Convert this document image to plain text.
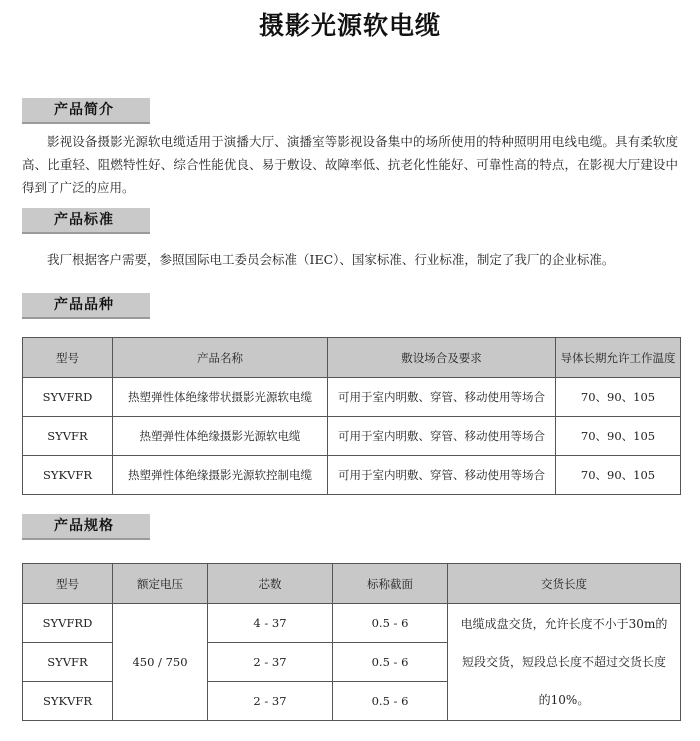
摄影光源软电缆
产品简介
影视设备摄影光源软电缆适用于演播大厅、演播室等影视设备集中的场所使用的特种照明用电线电缆。具有柔软度高、比重轻、阻燃特性好、综合性能优良、易于敷设、故障率低、抗老化性能好、可靠性高的特点，在影视大厅建设中得到了广泛的应用。
产品标准
我厂根据客户需要，参照国际电工委员会标准（IEC）、国家标准、行业标准，制定了我厂的企业标准。
产品品种
型号	产品名称	敷设场合及要求	导体长期允许工作温度
SYVFRD	热塑弹性体绝缘带状摄影光源软电缆	可用于室内明敷、穿管、移动使用等场合	70、90、105
SYVFR	热塑弹性体绝缘摄影光源软电缆	可用于室内明敷、穿管、移动使用等场合	70、90、105
SYKVFR	热塑弹性体绝缘摄影光源软控制电缆	可用于室内明敷、穿管、移动使用等场合	70、90、105
产品规格
型号	额定电压	芯数	标称截面	交货长度
SYVFRD	450 / 750	4 - 37	0.5 - 6	电缆成盘交货，允许长度不小于30m的短段交货，短段总长度不超过交货长度的10%。
SYVFR		2 - 37	0.5 - 6	
SYKVFR		2 - 37	0.5 - 6	
